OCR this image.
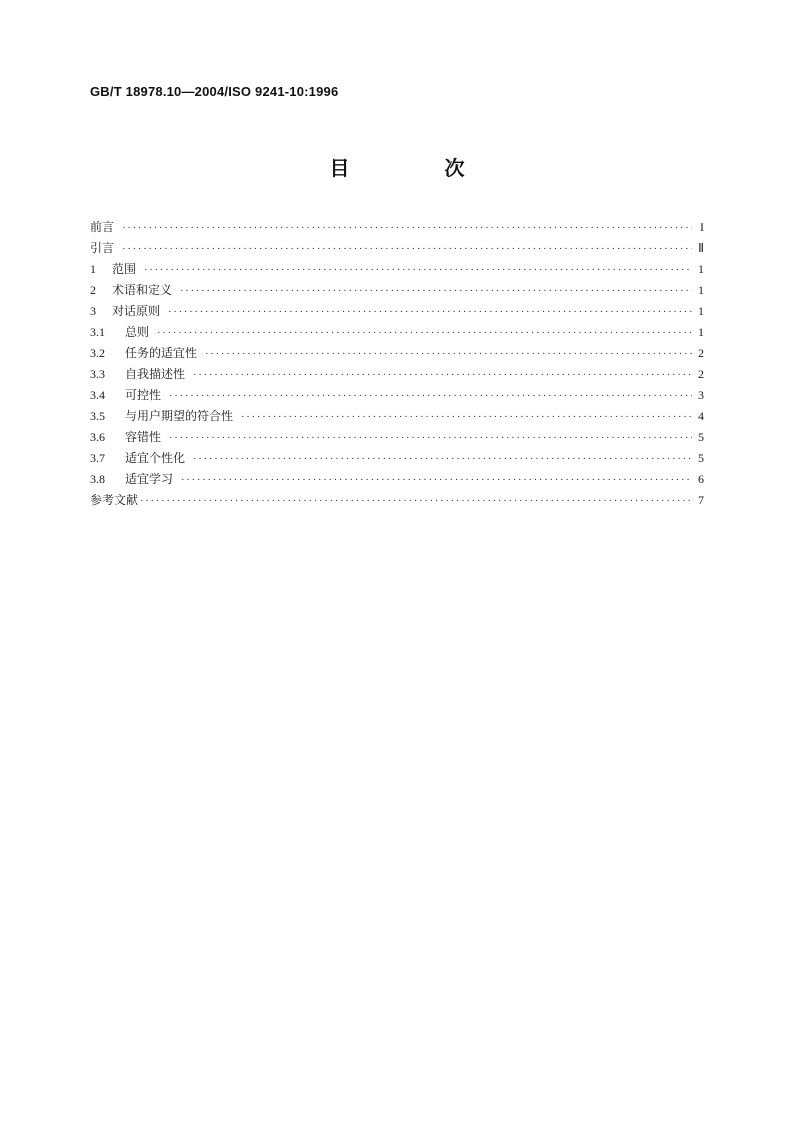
GB/T 18978.10—2004/ISO 9241-10:1996
目 次
前言 ·····	I
引言 ·····	Ⅱ
1	范围 ·····	1
2	术语和定义 ·····	1
3	对话原则 ·····	1
3.1	总则 ·····	1
3.2	任务的适宜性 ·····	2
3.3	自我描述性 ·····	2
3.4	可控性 ·····	3
3.5	与用户期望的符合性 ·····	4
3.6	容错性 ·····	5
3.7	适宜个性化 ·····	5
3.8	适宜学习 ·····	6
参考文献 ·····	7
